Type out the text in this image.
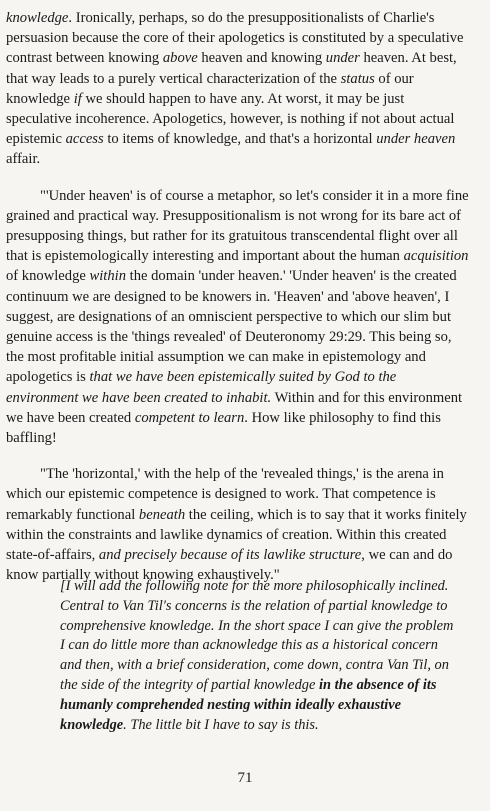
knowledge. Ironically, perhaps, so do the presuppositionalists of Charlie's persuasion because the core of their apologetics is constituted by a speculative contrast between knowing above heaven and knowing under heaven. At best, that way leads to a purely vertical characterization of the status of our knowledge if we should happen to have any. At worst, it may be just speculative incoherence. Apologetics, however, is nothing if not about actual epistemic access to items of knowledge, and that's a horizontal under heaven affair.

"'Under heaven' is of course a metaphor, so let's consider it in a more fine grained and practical way. Presuppositionalism is not wrong for its bare act of presupposing things, but rather for its gratuitous transcendental flight over all that is epistemologically interesting and important about the human acquisition of knowledge within the domain 'under heaven.' 'Under heaven' is the created continuum we are designed to be knowers in. 'Heaven' and 'above heaven', I suggest, are designations of an omniscient perspective to which our slim but genuine access is the 'things revealed' of Deuteronomy 29:29. This being so, the most profitable initial assumption we can make in epistemology and apologetics is that we have been epistemically suited by God to the environment we have been created to inhabit. Within and for this environment we have been created competent to learn. How like philosophy to find this baffling!

"The 'horizontal,' with the help of the 'revealed things,' is the arena in which our epistemic competence is designed to work. That competence is remarkably functional beneath the ceiling, which is to say that it works finitely within the constraints and lawlike dynamics of creation. Within this created state-of-affairs, and precisely because of its lawlike structure, we can and do know partially without knowing exhaustively."

[I will add the following note for the more philosophically inclined. Central to Van Til's concerns is the relation of partial knowledge to comprehensive knowledge. In the short space I can give the problem I can do little more than acknowledge this as a historical concern and then, with a brief consideration, come down, contra Van Til, on the side of the integrity of partial knowledge in the absence of its humanly comprehended nesting within ideally exhaustive knowledge. The little bit I have to say is this.
71
